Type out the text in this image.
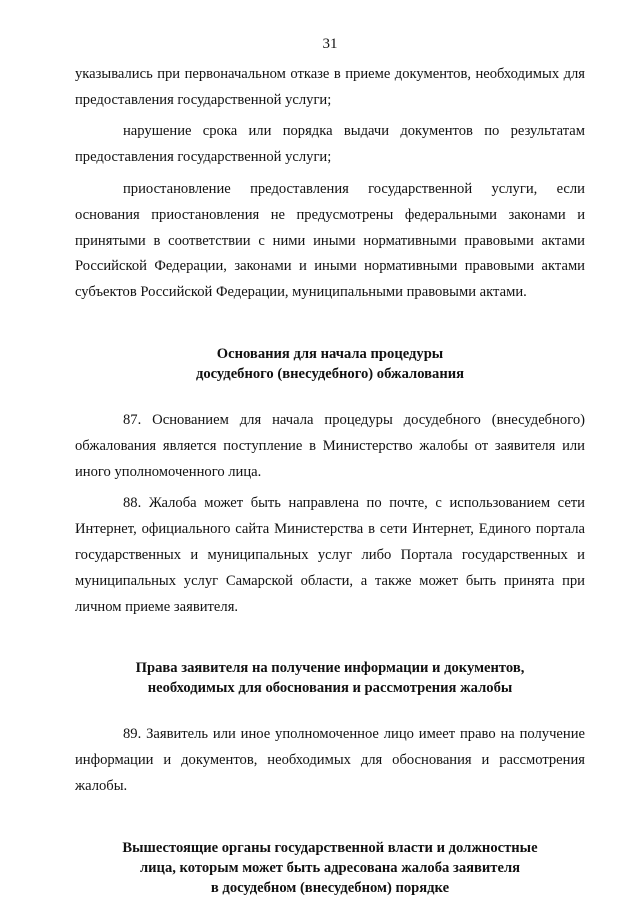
31

указывались при первоначальном отказе в приеме документов, необходимых для предоставления государственной услуги;

нарушение срока или порядка выдачи документов по результатам предоставления государственной услуги;

приостановление предоставления государственной услуги, если основания приостановления не предусмотрены федеральными законами и принятыми в соответствии с ними иными нормативными правовыми актами Российской Федерации, законами и иными нормативными правовыми актами субъектов Российской Федерации, муниципальными правовыми актами.

Основания для начала процедуры
досудебного (внесудебного) обжалования

87. Основанием для начала процедуры досудебного (внесудебного) обжалования является поступление в Министерство жалобы от заявителя или иного уполномоченного лица.

88. Жалоба может быть направлена по почте, с использованием сети Интернет, официального сайта Министерства в сети Интернет, Единого портала государственных и муниципальных услуг либо Портала государственных и муниципальных услуг Самарской области, а также может быть принята при личном приеме заявителя.

Права заявителя на получение информации и документов,
необходимых для обоснования и рассмотрения жалобы

89. Заявитель или иное уполномоченное лицо имеет право на получение информации и документов, необходимых для обоснования и рассмотрения жалобы.

Вышестоящие органы государственной власти и должностные
лица, которым может быть адресована жалоба заявителя
в досудебном (внесудебном) порядке
